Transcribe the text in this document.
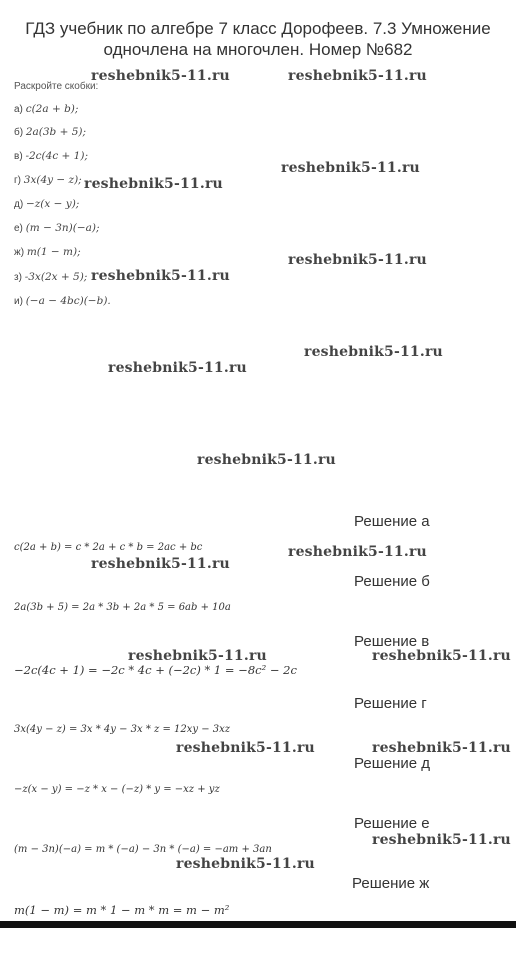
ГДЗ учебник по алгебре 7 класс Дорофеев. 7.3 Умножение одночлена на многочлен. Номер №682
Раскройте скобки:
а) c(2a + b);
б) 2a(3b + 5);
в) -2c(4c + 1);
г) 3x(4y − z);
д) −z(x − y);
е) (m − 3n)(−a);
ж) m(1 − m);
з) -3x(2x + 5);
и) (−a − 4bc)(−b).
Решение а
c(2a + b) = c * 2a + c * b = 2ac + bc
Решение б
2a(3b + 5) = 2a * 3b + 2a * 5 = 6ab + 10a
Решение в
−2c(4c + 1) = −2c * 4c + (−2c) * 1 = −8c² − 2c
Решение г
3x(4y − z) = 3x * 4y − 3x * z = 12xy − 3xz
Решение д
−z(x − y) = −z * x − (−z) * y = −xz + yz
Решение е
(m − 3n)(−a) = m * (−a) − 3n * (−a) = −am + 3an
Решение ж
m(1 − m) = m * 1 − m * m = m − m²
reshebnik5-11.ru	reshebnik5-11.ru
reshebnik5-11.ru
reshebnik5-11.ru
reshebnik5-11.ru
reshebnik5-11.ru
reshebnik5-11.ru
reshebnik5-11.ru
reshebnik5-11.ru
reshebnik5-11.ru
reshebnik5-11.ru
reshebnik5-11.ru	reshebnik5-11.ru
reshebnik5-11.ru	reshebnik5-11.ru
reshebnik5-11.ru
reshebnik5-11.ru
